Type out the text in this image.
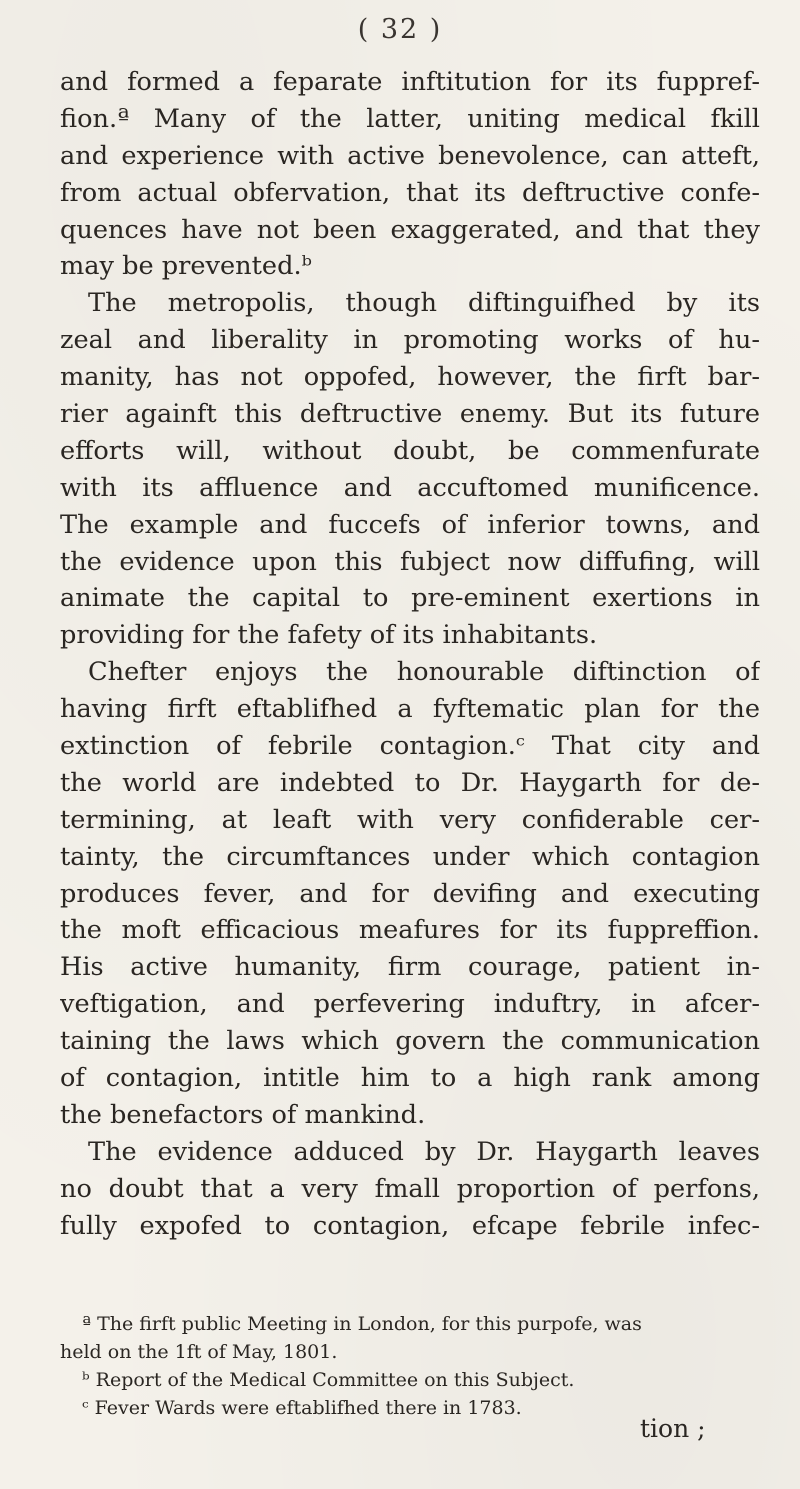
( 32 )
and formed a feparate inftitution for its fuppref-
fion.ª Many of the latter, uniting medical fkill
and experience with active benevolence, can atteft,
from actual obfervation, that its deftructive confe-
quences have not been exaggerated, and that they
may be prevented.ᵇ
The metropolis, though diftinguifhed by its
zeal and liberality in promoting works of hu-
manity, has not oppofed, however, the firft bar-
rier againft this deftructive enemy. But its future
efforts will, without doubt, be commenfurate
with its affluence and accuftomed munificence.
The example and fuccefs of inferior towns, and
the evidence upon this fubject now diffufing, will
animate the capital to pre-eminent exertions in
providing for the fafety of its inhabitants.
Chefter enjoys the honourable diftinction of
having firft eftablifhed a fyftematic plan for the
extinction of febrile contagion.ᶜ That city and
the world are indebted to Dr. Haygarth for de-
termining, at leaft with very confiderable cer-
tainty, the circumftances under which contagion
produces fever, and for devifing and executing
the moft efficacious meafures for its fuppreffion.
His active humanity, firm courage, patient in-
veftigation, and perfevering induftry, in afcer-
taining the laws which govern the communication
of contagion, intitle him to a high rank among
the benefactors of mankind.
The evidence adduced by Dr. Haygarth leaves
no doubt that a very fmall proportion of perfons,
fully expofed to contagion, efcape febrile infec-
ª The firft public Meeting in London, for this purpofe, was
held on the 1ft of May, 1801.
ᵇ Report of the Medical Committee on this Subject.
ᶜ Fever Wards were eftablifhed there in 1783.
tion ;
